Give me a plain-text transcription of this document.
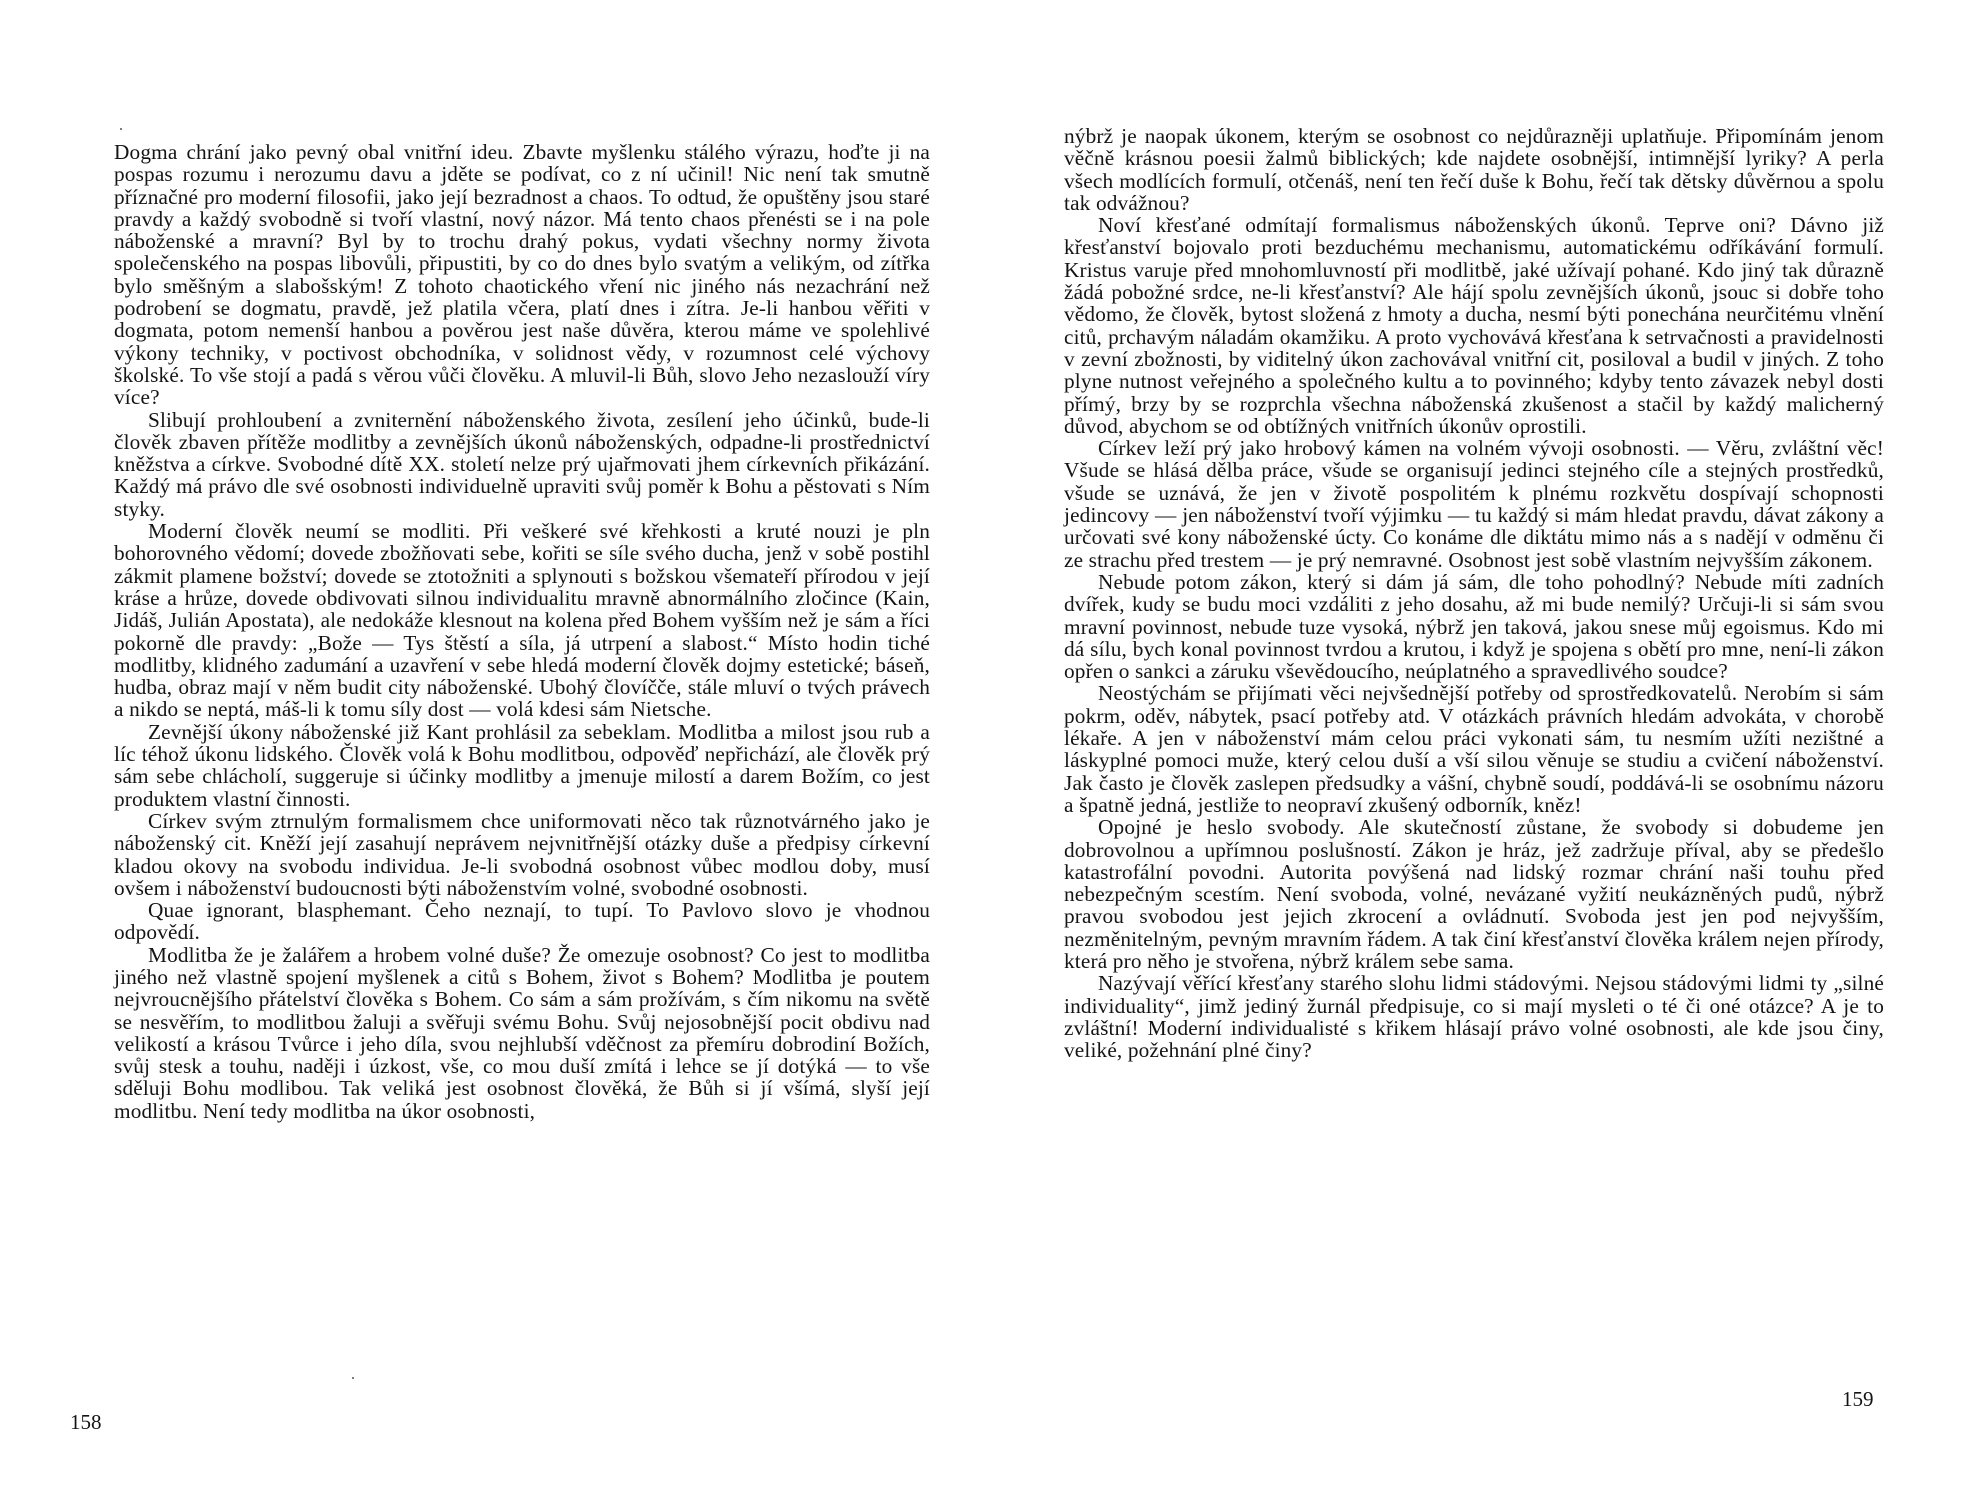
Dogma chrání jako pevný obal vnitřní ideu. Zbavte myšlenku stálého výrazu, hoďte ji na pospas rozumu i nerozumu davu a jděte se podívat, co z ní učinil! Nic není tak smutně příznačné pro moderní filosofii, jako její bezradnost a chaos. To odtud, že opuštěny jsou staré pravdy a každý svobodně si tvoří vlastní, nový názor. Má tento chaos přenésti se i na pole náboženské a mravní? Byl by to trochu drahý pokus, vydati všechny normy života společenského na pospas libovůli, připustiti, by co do dnes bylo svatým a velikým, od zítřka bylo směšným a slabošským! Z tohoto chaotického vření nic jiného nás nezachrání než podrobení se dogmatu, pravdě, jež platila včera, platí dnes i zítra. Je-li hanbou věřiti v dogmata, potom nemenší hanbou a pověrou jest naše důvěra, kterou máme ve spolehlivé výkony techniky, v poctivost obchodníka, v solidnost vědy, v rozumnost celé výchovy školské. To vše stojí a padá s věrou vůči člověku. A mluvil-li Bůh, slovo Jeho nezaslouží víry více?

Slibují prohloubení a zvniternění náboženského života, zesílení jeho účinků, bude-li člověk zbaven přítěže modlitby a zevnějších úkonů náboženských, odpadne-li prostřednictví kněžstva a církve. Svobodné dítě XX. století nelze prý ujařmovati jhem církevních přikázání. Každý má právo dle své osobnosti individuelně upraviti svůj poměr k Bohu a pěstovati s Ním styky.

Moderní člověk neumí se modliti. Při veškeré své křehkosti a kruté nouzi je pln bohorovného vědomí; dovede zbožňovati sebe, kořiti se síle svého ducha, jenž v sobě postihl zákmit plamene božství; dovede se ztotožniti a splynouti s božskou všemateří přírodou v její kráse a hrůze, dovede obdivovati silnou individualitu mravně abnormálního zločince (Kain, Jidáš, Julián Apostata), ale nedokáže klesnout na kolena před Bohem vyšším než je sám a říci pokorně dle pravdy: „Bože — Tys štěstí a síla, já utrpení a slabost.“ Místo hodin tiché modlitby, klidného zadumání a uzavření v sebe hledá moderní člověk dojmy estetické; báseň, hudba, obraz mají v něm budit city náboženské. Ubohý človíčče, stále mluví o tvých právech a nikdo se neptá, máš-li k tomu síly dost — volá kdesi sám Nietsche.

Zevnější úkony náboženské již Kant prohlásil za sebeklam. Modlitba a milost jsou rub a líc téhož úkonu lidského. Člověk volá k Bohu modlitbou, odpověď nepřichází, ale člověk prý sám sebe chlácholí, suggeruje si účinky modlitby a jmenuje milostí a darem Božím, co jest produktem vlastní činnosti.

Církev svým ztrnulým formalismem chce uniformovati něco tak různotvárného jako je náboženský cit. Kněží její zasahují neprávem nejvnitřnější otázky duše a předpisy církevní kladou okovy na svobodu individua. Je-li svobodná osobnost vůbec modlou doby, musí ovšem i náboženství budoucnosti býti náboženstvím volné, svobodné osobnosti.

Quae ignorant, blasphemant. Čeho neznají, to tupí. To Pavlovo slovo je vhodnou odpovědí.

Modlitba že je žalářem a hrobem volné duše? Že omezuje osobnost? Co jest to modlitba jiného než vlastně spojení myšlenek a citů s Bohem, život s Bohem? Modlitba je poutem nejvroucnějšího přátelství člověka s Bohem. Co sám a sám prožívám, s čím nikomu na světě se nesvěřím, to modlitbou žaluji a svěřuji svému Bohu. Svůj nejosobnější pocit obdivu nad velikostí a krásou Tvůrce i jeho díla, svou nejhlubší vděčnost za přemíru dobrodiní Božích, svůj stesk a touhu, naději i úzkost, vše, co mou duší zmítá i lehce se jí dotýká — to vše sděluji Bohu modlibou. Tak veliká jest osobnost člověká, že Bůh si jí všímá, slyší její modlitbu. Není tedy modlitba na úkor osobnosti,

158

nýbrž je naopak úkonem, kterým se osobnost co nejdůrazněji uplatňuje. Připomínám jenom věčně krásnou poesii žalmů biblických; kde najdete osobnější, intimnější lyriky? A perla všech modlících formulí, otčenáš, není ten řečí duše k Bohu, řečí tak dětsky důvěrnou a spolu tak odvážnou?

Noví křesťané odmítají formalismus náboženských úkonů. Teprve oni? Dávno již křesťanství bojovalo proti bezduchému mechanismu, automatickému odříkávání formulí. Kristus varuje před mnohomluvností při modlitbě, jaké užívají pohané. Kdo jiný tak důrazně žádá pobožné srdce, ne-li křesťanství? Ale hájí spolu zevnějších úkonů, jsouc si dobře toho vědomo, že člověk, bytost složená z hmoty a ducha, nesmí býti ponechána neurčitému vlnění citů, prchavým náladám okamžiku. A proto vychovává křesťana k setrvačnosti a pravidelnosti v zevní zbožnosti, by viditelný úkon zachovával vnitřní cit, posiloval a budil v jiných. Z toho plyne nutnost veřejného a společného kultu a to povinného; kdyby tento závazek nebyl dosti přímý, brzy by se rozprchla všechna náboženská zkušenost a stačil by každý malicherný důvod, abychom se od obtížných vnitřních úkonův oprostili.

Církev leží prý jako hrobový kámen na volném vývoji osobnosti. — Věru, zvláštní věc! Všude se hlásá dělba práce, všude se organisují jedinci stejného cíle a stejných prostředků, všude se uznává, že jen v životě pospolitém k plnému rozkvětu dospívají schopnosti jedincovy — jen náboženství tvoří výjimku — tu každý si mám hledat pravdu, dávat zákony a určovati své kony náboženské úcty. Co konáme dle diktátu mimo nás a s nadějí v odměnu či ze strachu před trestem — je prý nemravné. Osobnost jest sobě vlastním nejvyšším zákonem.

Nebude potom zákon, který si dám já sám, dle toho pohodlný? Nebude míti zadních dvířek, kudy se budu moci vzdáliti z jeho dosahu, až mi bude nemilý? Určuji-li si sám svou mravní povinnost, nebude tuze vysoká, nýbrž jen taková, jakou snese můj egoismus. Kdo mi dá sílu, bych konal povinnost tvrdou a krutou, i když je spojena s obětí pro mne, není-li zákon opřen o sankci a záruku vševědoucího, neúplatného a spravedlivého soudce?

Neostýchám se přijímati věci nejvšednější potřeby od sprostředkovatelů. Nerobím si sám pokrm, oděv, nábytek, psací potřeby atd. V otázkách právních hledám advokáta, v chorobě lékaře. A jen v náboženství mám celou práci vykonati sám, tu nesmím užíti nezištné a láskyplné pomoci muže, který celou duší a vší silou věnuje se studiu a cvičení náboženství. Jak často je člověk zaslepen předsudky a vášní, chybně soudí, poddává-li se osobnímu názoru a špatně jedná, jestliže to neopraví zkušený odborník, kněz!

Opojné je heslo svobody. Ale skutečností zůstane, že svobody si dobudeme jen dobrovolnou a upřímnou poslušností. Zákon je hráz, jež zadržuje příval, aby se předešlo katastrofální povodni. Autorita povýšená nad lidský rozmar chrání naši touhu před nebezpečným scestím. Není svoboda, volné, nevázané vyžití neukázněných pudů, nýbrž pravou svobodou jest jejich zkrocení a ovládnutí. Svoboda jest jen pod nejvyšším, nezměnitelným, pevným mravním řádem. A tak činí křesťanství člověka králem nejen přírody, která pro něho je stvořena, nýbrž králem sebe sama.

Nazývají věřící křesťany starého slohu lidmi stádovými. Nejsou stádovými lidmi ty „silné individuality“, jimž jediný žurnál předpisuje, co si mají mysleti o té či oné otázce? A je to zvláštní! Moderní individualisté s křikem hlásají právo volné osobnosti, ale kde jsou činy, veliké, požehnání plné činy?

159
